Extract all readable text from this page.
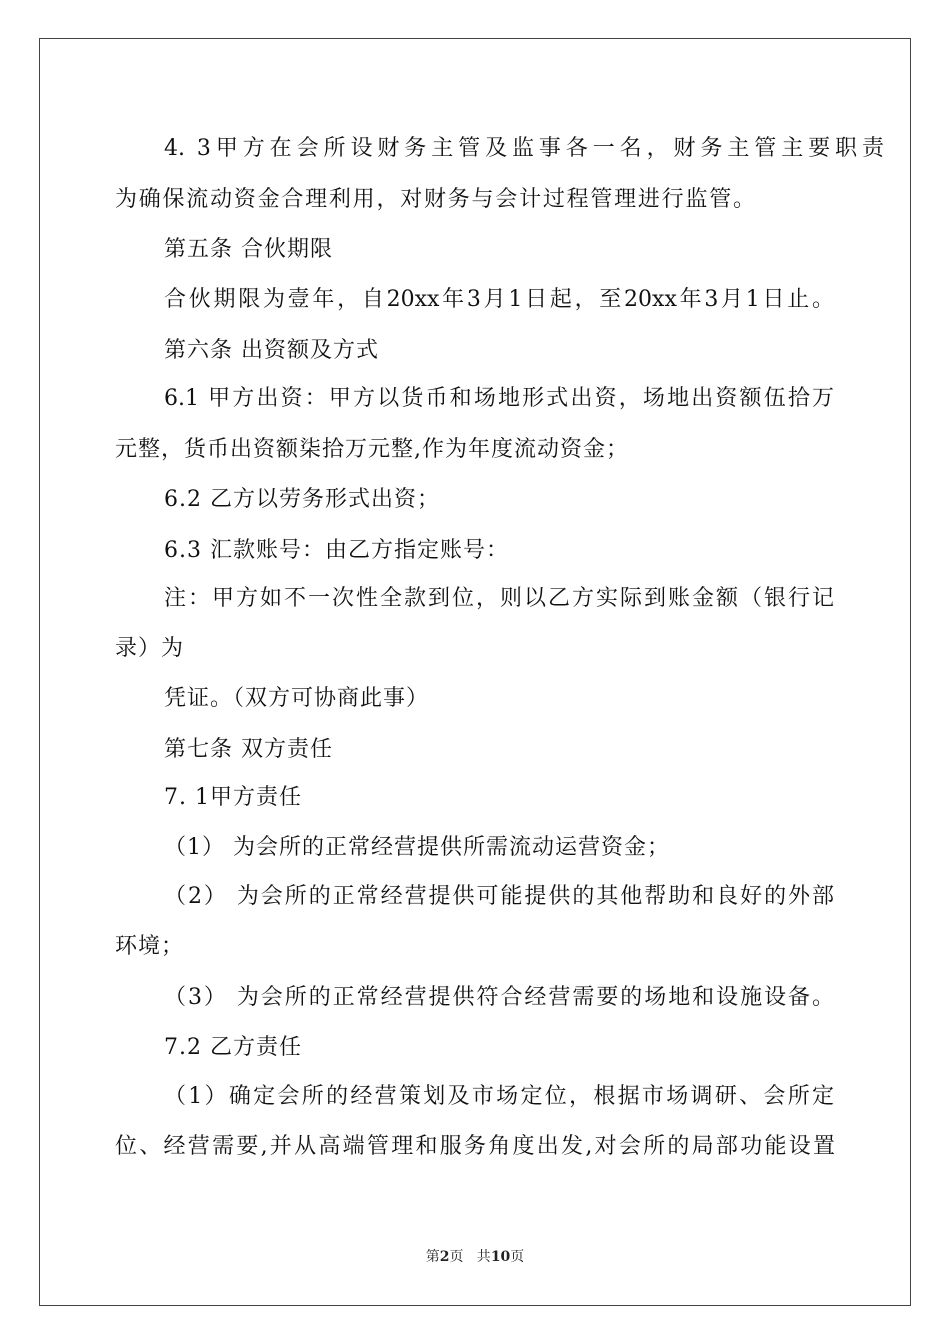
4. 3甲方在会所设财务主管及监事各一名，财务主管主要职责
为确保流动资金合理利用，对财务与会计过程管理进行监管。
第五条 合伙期限
合伙期限为壹年，自20xx年3月1日起，至20xx年3月1日止。
第六条 出资额及方式
6.1 甲方出资：甲方以货币和场地形式出资，场地出资额伍拾万
元整，货币出资额柒拾万元整,作为年度流动资金；
6.2 乙方以劳务形式出资；
6.3 汇款账号：由乙方指定账号：
注：甲方如不一次性全款到位，则以乙方实际到账金额（银行记
录）为
凭证。（双方可协商此事）
第七条 双方责任
7. 1甲方责任
（1） 为会所的正常经营提供所需流动运营资金；
（2） 为会所的正常经营提供可能提供的其他帮助和良好的外部
环境；
（3） 为会所的正常经营提供符合经营需要的场地和设施设备。
7.2 乙方责任
（1）确定会所的经营策划及市场定位，根据市场调研、会所定
位、经营需要,并从高端管理和服务角度出发,对会所的局部功能设置
第2页   共10页
